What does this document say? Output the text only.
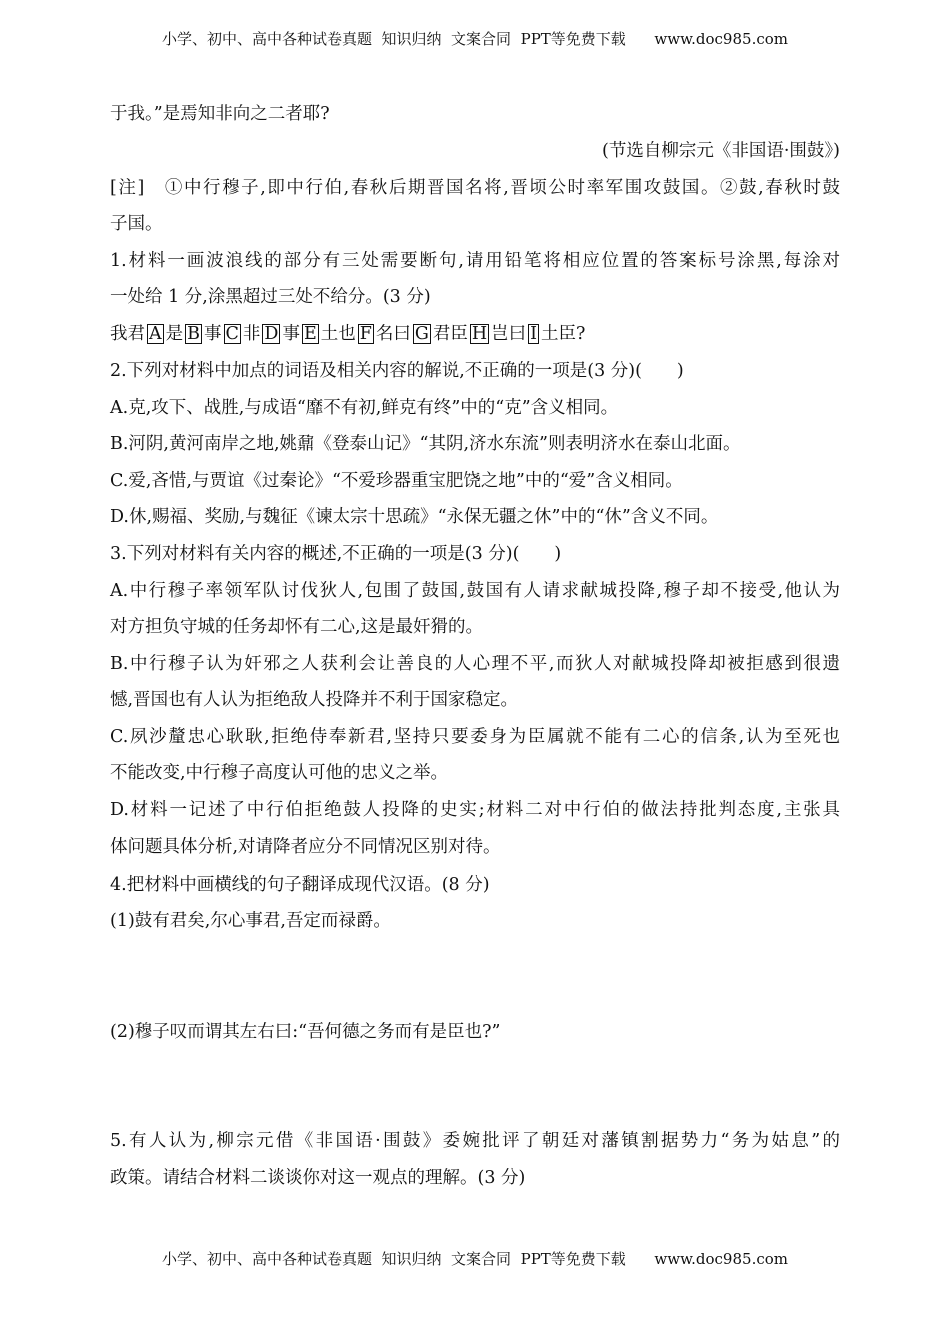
小学、初中、高中各种试卷真题  知识归纳  文案合同  PPT等免费下载      www.doc985.com
于我。”是焉知非向之二者耶?
(节选自柳宗元《非国语·围鼓》)
[注]　①中行穆子,即中行伯,春秋后期晋国名将,晋顷公时率军围攻鼓国。②鼓,春秋时鼓
子国。
1.材料一画波浪线的部分有三处需要断句,请用铅笔将相应位置的答案标号涂黑,每涂对
一处给 1 分,涂黑超过三处不给分。(3 分)
2.下列对材料中加点的词语及相关内容的解说,不正确的一项是(3 分)(　　)
A.克,攻下、战胜,与成语“靡不有初,鲜克有终”中的“克”含义相同。
B.河阴,黄河南岸之地,姚鼐《登泰山记》“其阴,济水东流”则表明济水在泰山北面。
C.爱,吝惜,与贾谊《过秦论》“不爱珍器重宝肥饶之地”中的“爱”含义相同。
D.休,赐福、奖励,与魏征《谏太宗十思疏》“永保无疆之休”中的“休”含义不同。
3.下列对材料有关内容的概述,不正确的一项是(3 分)(　　)
A.中行穆子率领军队讨伐狄人,包围了鼓国,鼓国有人请求献城投降,穆子却不接受,他认为
对方担负守城的任务却怀有二心,这是最奸猾的。
B.中行穆子认为奸邪之人获利会让善良的人心理不平,而狄人对献城投降却被拒感到很遗
憾,晋国也有人认为拒绝敌人投降并不利于国家稳定。
C.夙沙釐忠心耿耿,拒绝侍奉新君,坚持只要委身为臣属就不能有二心的信条,认为至死也
不能改变,中行穆子高度认可他的忠义之举。
D.材料一记述了中行伯拒绝鼓人投降的史实;材料二对中行伯的做法持批判态度,主张具
体问题具体分析,对请降者应分不同情况区别对待。
4.把材料中画横线的句子翻译成现代汉语。(8 分)
(1)鼓有君矣,尔心事君,吾定而禄爵。
(2)穆子叹而谓其左右曰:“吾何德之务而有是臣也?”
5.有人认为,柳宗元借《非国语·围鼓》委婉批评了朝廷对藩镇割据势力“务为姑息”的
政策。请结合材料二谈谈你对这一观点的理解。(3 分)
我君 A 是 B 事 C 非 D 事 E 土也 F 名曰 G 君臣 H 岂曰 I 土臣?
小学、初中、高中各种试卷真题  知识归纳  文案合同  PPT等免费下载      www.doc985.com
